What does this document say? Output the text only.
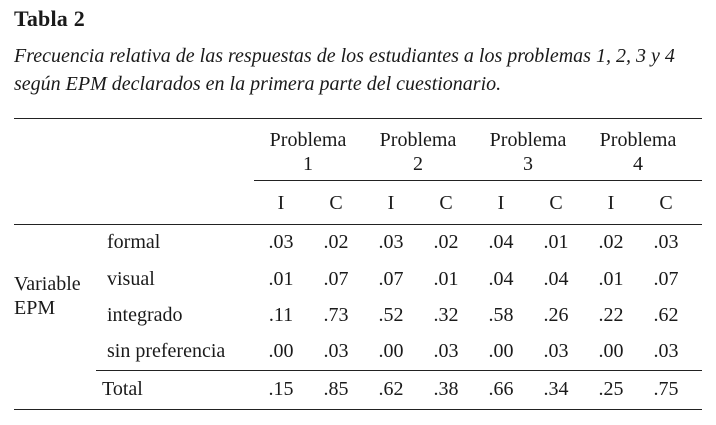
Tabla 2
Frecuencia relativa de las respuestas de los estudiantes a los problemas 1, 2, 3 y 4 según EPM declarados en la primera parte del cuestionario.
Problema
1
Problema
2
Problema
3
Problema
4
I C I C I C I C
Variable
EPM
formal	.03 .02 .03 .02 .04 .01 .02 .03
visual	.01 .07 .07 .01 .04 .04 .01 .07
integrado	.11 .73 .52 .32 .58 .26 .22 .62
sin preferencia .00 .03 .00 .03 .00 .03 .00 .03
Total	.15 .85 .62 .38 .66 .34 .25 .75
